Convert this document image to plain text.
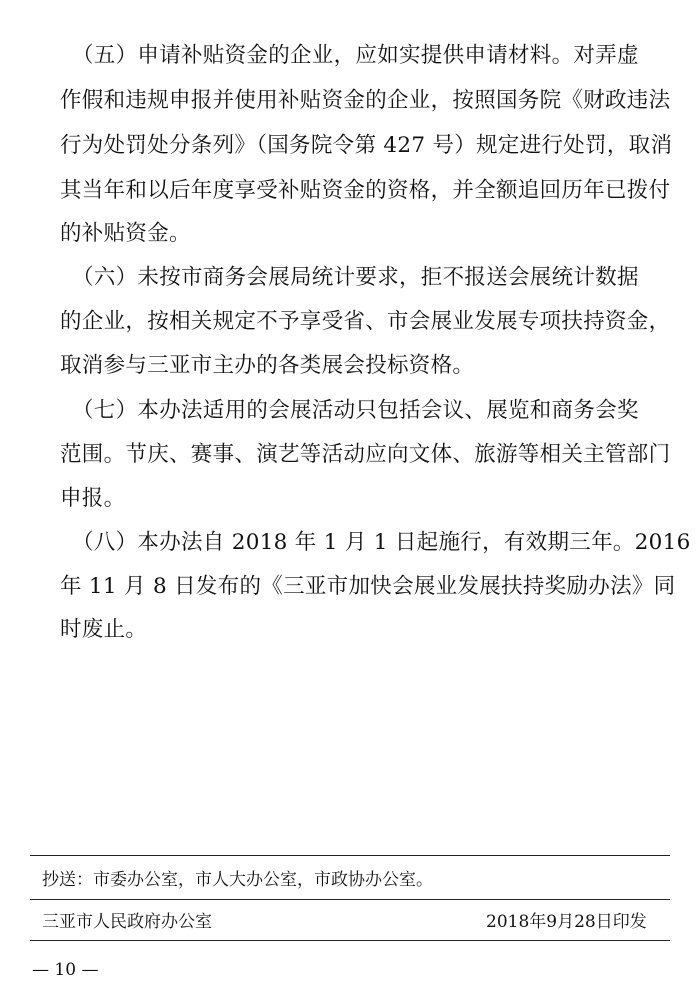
（五）申请补贴资金的企业，应如实提供申请材料。对弄虚
作假和违规申报并使用补贴资金的企业，按照国务院《财政违法
行为处罚处分条列》（国务院令第 427 号）规定进行处罚，取消
其当年和以后年度享受补贴资金的资格，并全额追回历年已拨付
的补贴资金。
（六）未按市商务会展局统计要求，拒不报送会展统计数据
的企业，按相关规定不予享受省、市会展业发展专项扶持资金，
取消参与三亚市主办的各类展会投标资格。
（七）本办法适用的会展活动只包括会议、展览和商务会奖
范围。节庆、赛事、演艺等活动应向文体、旅游等相关主管部门
申报。
（八）本办法自 2018 年 1 月 1 日起施行，有效期三年。2016
年 11 月 8 日发布的《三亚市加快会展业发展扶持奖励办法》同
时废止。
抄送：市委办公室，市人大办公室，市政协办公室。
三亚市人民政府办公室	2018年9月28日印发
— 10 —
